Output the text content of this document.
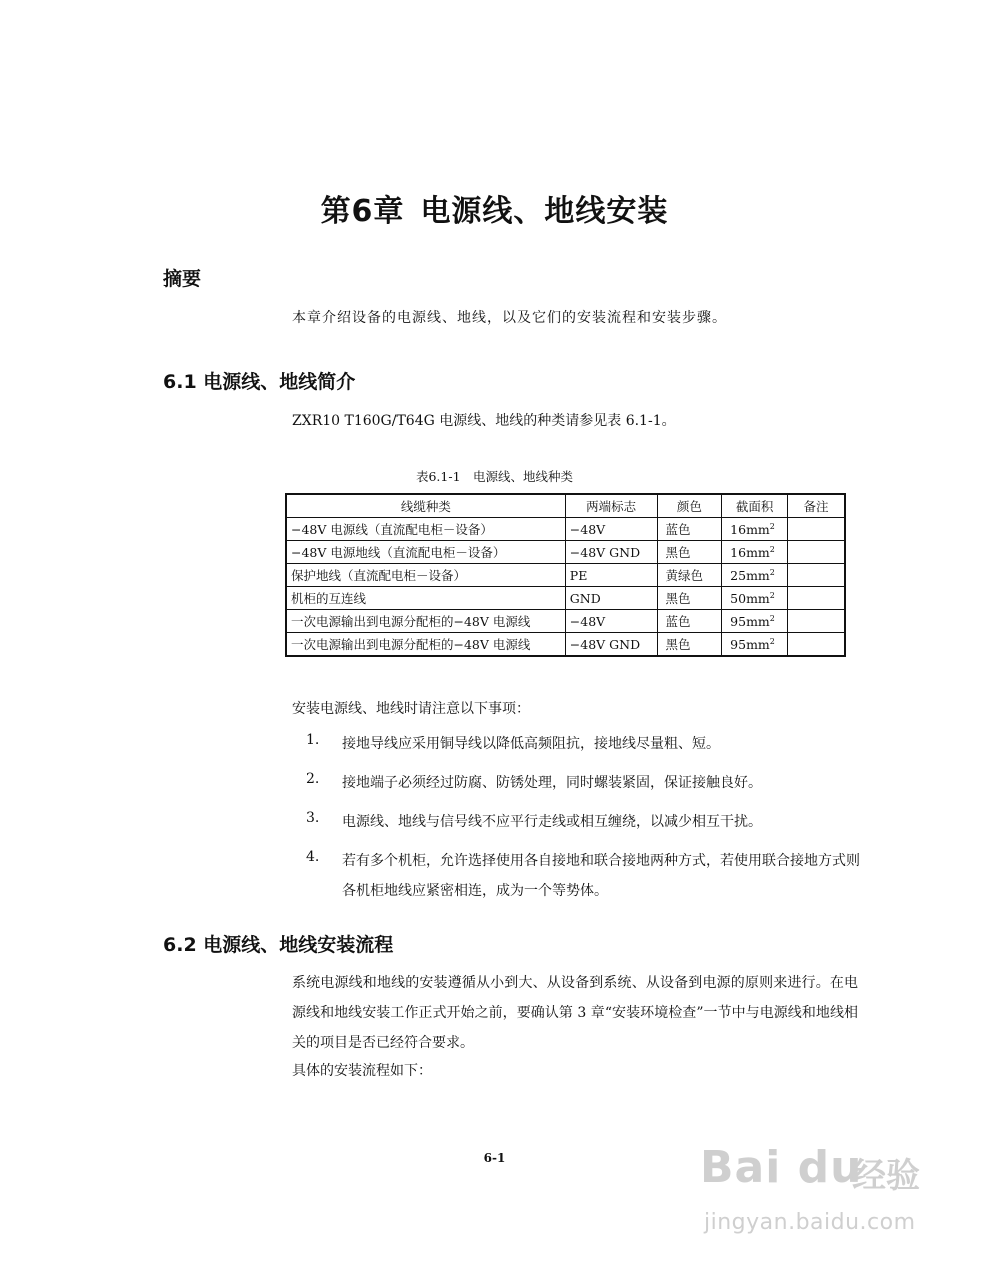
第6章 电源线、地线安装
摘要
本章介绍设备的电源线、地线，以及它们的安装流程和安装步骤。
6.1 电源线、地线简介
ZXR10 T160G/T64G 电源线、地线的种类请参见表 6.1-1。
表6.1-1　电源线、地线种类
线缆种类	两端标志	颜色	截面积	备注
−48V 电源线（直流配电柜－设备）	−48V	蓝色	$16mm^2$	
−48V 电源地线（直流配电柜－设备）	−48V GND	黑色	$16mm^2$	
保护地线（直流配电柜－设备）	PE	黄绿色	$25mm^2$	
机柜的互连线	GND	黑色	$50mm^2$	
一次电源输出到电源分配柜的−48V 电源线	−48V	蓝色	$95mm^2$	
一次电源输出到电源分配柜的−48V 电源线	−48V GND	黑色	$95mm^2$	
安装电源线、地线时请注意以下事项：
1.	接地导线应采用铜导线以降低高频阻抗，接地线尽量粗、短。
2.	接地端子必须经过防腐、防锈处理，同时螺装紧固，保证接触良好。
3.	电源线、地线与信号线不应平行走线或相互缠绕，以减少相互干扰。
4.	若有多个机柜，允许选择使用各自接地和联合接地两种方式，若使用联合接地方式则各机柜地线应紧密相连，成为一个等势体。
6.2 电源线、地线安装流程
系统电源线和地线的安装遵循从小到大、从设备到系统、从设备到电源的原则来进行。在电源线和地线安装工作正式开始之前，要确认第 3 章“安装环境检查”一节中与电源线和地线相关的项目是否已经符合要求。
具体的安装流程如下：
6-1	Bai du
经验
jingyan.baidu.com
